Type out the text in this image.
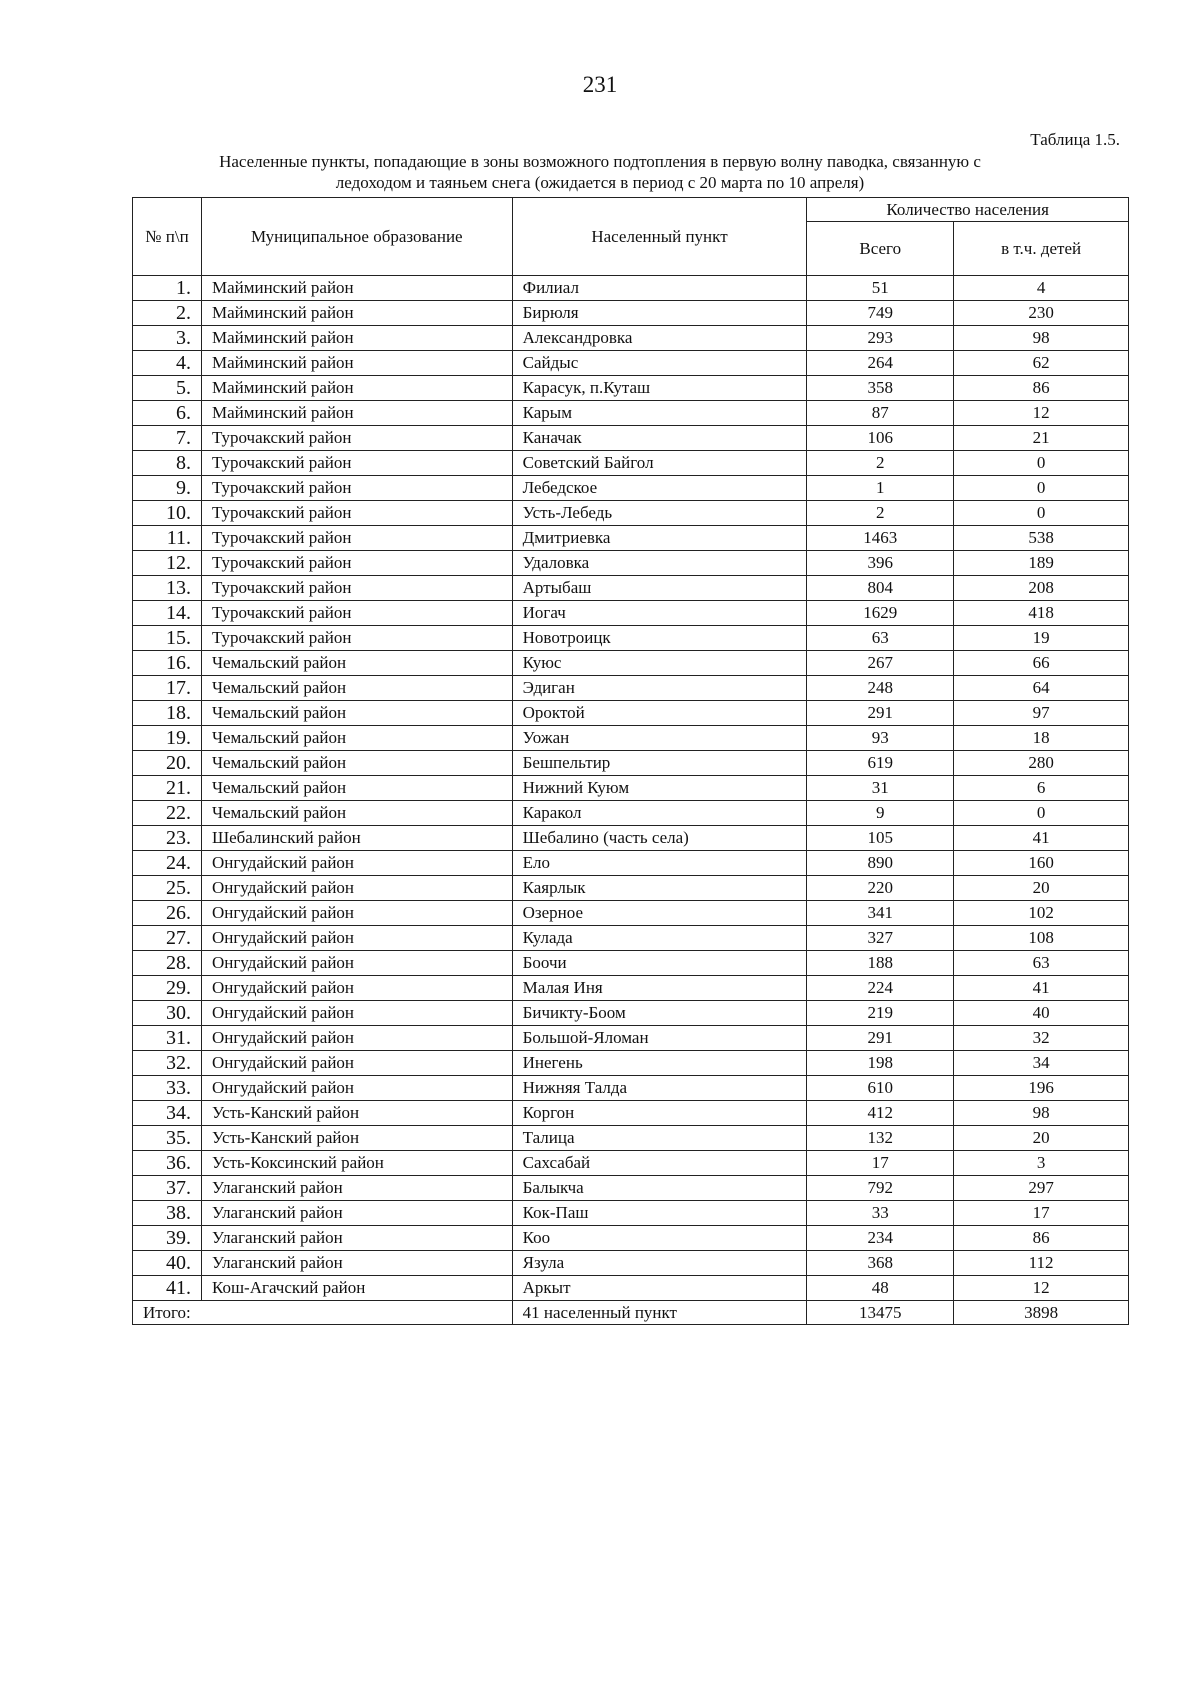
231
Таблица 1.5.
Населенные пункты, попадающие в зоны возможного подтопления в первую волну паводка, связанную с
ледоходом и таяньем снега (ожидается в период с 20 марта по 10 апреля)
№ п\п	Муниципальное образование	Населенный пункт	Количество населения	
			Всего	в т.ч. детей
1.	Майминский район	Филиал	51	4
2.	Майминский район	Бирюля	749	230
3.	Майминский район	Александровка	293	98
4.	Майминский район	Сайдыс	264	62
5.	Майминский район	Карасук, п.Куташ	358	86
6.	Майминский район	Карым	87	12
7.	Турочакский район	Каначак	106	21
8.	Турочакский район	Советский Байгол	2	0
9.	Турочакский район	Лебедское	1	0
10.	Турочакский район	Усть-Лебедь	2	0
11.	Турочакский район	Дмитриевка	1463	538
12.	Турочакский район	Удаловка	396	189
13.	Турочакский район	Артыбаш	804	208
14.	Турочакский район	Иогач	1629	418
15.	Турочакский район	Новотроицк	63	19
16.	Чемальский район	Куюс	267	66
17.	Чемальский район	Эдиган	248	64
18.	Чемальский район	Ороктой	291	97
19.	Чемальский район	Уожан	93	18
20.	Чемальский район	Бешпельтир	619	280
21.	Чемальский район	Нижний Куюм	31	6
22.	Чемальский район	Каракол	9	0
23.	Шебалинский район	Шебалино (часть села)	105	41
24.	Онгудайский район	Ело	890	160
25.	Онгудайский район	Каярлык	220	20
26.	Онгудайский район	Озерное	341	102
27.	Онгудайский район	Кулада	327	108
28.	Онгудайский район	Боочи	188	63
29.	Онгудайский район	Малая Иня	224	41
30.	Онгудайский район	Бичикту-Боом	219	40
31.	Онгудайский район	Большой-Яломан	291	32
32.	Онгудайский район	Инегень	198	34
33.	Онгудайский район	Нижняя Талда	610	196
34.	Усть-Канский район	Коргон	412	98
35.	Усть-Канский район	Талица	132	20
36.	Усть-Коксинский район	Сахсабай	17	3
37.	Улаганский район	Балыкча	792	297
38.	Улаганский район	Кок-Паш	33	17
39.	Улаганский район	Коо	234	86
40.	Улаганский район	Язула	368	112
41.	Кош-Агачский район	Аркыт	48	12
Итого:		41 населенный пункт	13475	3898
